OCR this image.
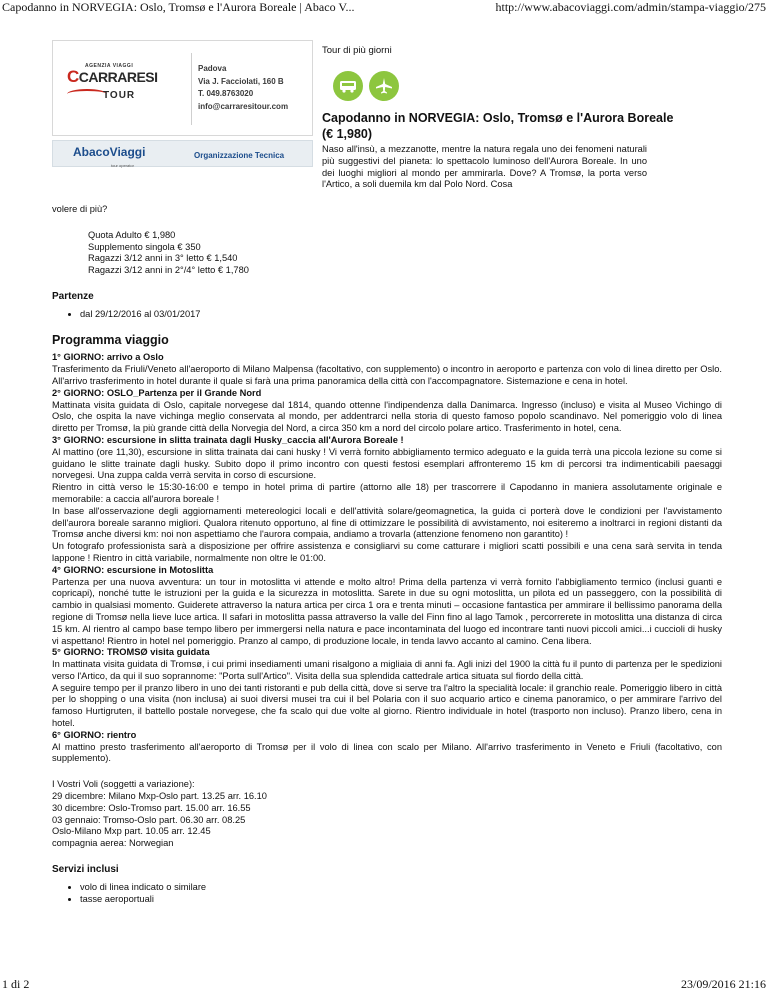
Capodanno in NORVEGIA: Oslo, Tromsø e l'Aurora Boreale | Abaco V...	http://www.abacoviaggi.com/admin/stampa-viaggio/275
AGENZIA VIAGGI
CCARRARESI
TOUR
Padova
Via J. Facciolati, 160 B
T. 049.8763020
info@carraresitour.com
AbacoViaggi
tour operator
Organizzazione Tecnica
Tour di più giorni
Capodanno in NORVEGIA: Oslo, Tromsø e l'Aurora Boreale (€ 1,980)
Naso all'insù, a mezzanotte, mentre la natura regala uno dei fenomeni naturali più suggestivi del pianeta: lo spettacolo luminoso dell'Aurora Boreale. In uno dei luoghi migliori al mondo per ammirarla. Dove? A Tromsø, la porta verso l'Artico, a soli duemila km dal Polo Nord. Cosa
volere di più?
Quota Adulto € 1,980
Supplemento singola € 350
Ragazzi 3/12 anni in 3° letto € 1,540
Ragazzi 3/12 anni in 2°/4° letto € 1,780
Partenze
• dal 29/12/2016 al 03/01/2017
Programma viaggio

1° GIORNO: arrivo a Oslo

Trasferimento da Friuli/Veneto all'aeroporto di Milano Malpensa (facoltativo, con supplemento) o incontro in aeroporto e partenza con volo di linea diretto per Oslo. All'arrivo trasferimento in hotel durante il quale si farà una prima panoramica della città con l'accompagnatore. Sistemazione e cena in hotel.

2° GIORNO: OSLO_Partenza per il Grande Nord

Mattinata visita guidata di Oslo, capitale norvegese dal 1814, quando ottenne l'indipendenza dalla Danimarca. Ingresso (incluso) e visita al Museo Vichingo di Oslo, che ospita la nave vichinga meglio conservata al mondo, per addentrarci nella storia di questo famoso popolo scandinavo. Nel pomeriggio volo di linea diretto per Tromsø, la più grande città della Norvegia del Nord, a circa 350 km a nord del circolo polare artico. Trasferimento in hotel, cena.

3° GIORNO: escursione in slitta trainata dagli Husky_caccia all'Aurora Boreale !

Al mattino (ore 11,30), escursione in slitta trainata dai cani husky ! Vi verrà fornito abbigliamento termico adeguato e la guida terrà una piccola lezione su come si guidano le slitte trainate dagli husky. Subito dopo il primo incontro con questi festosi esemplari affronteremo 15 km di percorsi tra indimenticabili paesaggi norvegesi. Una zuppa calda verrà servita in corso di escursione.
Rientro in città verso le 15:30-16:00 e tempo in hotel prima di partire (attorno alle 18) per trascorrere il Capodanno in maniera assolutamente originale e memorabile: a caccia all'aurora boreale !
In base all'osservazione degli aggiornamenti metereologici locali e dell'attività solare/geomagnetica, la guida ci porterà dove le condizioni per l'avvistamento dell'aurora boreale saranno migliori. Qualora ritenuto opportuno, al fine di ottimizzare le possibilità di avvistamento, noi esiteremo a inoltrarci in regioni distanti da Tromsø anche diversi km: noi non aspettiamo che l'aurora compaia, andiamo a trovarla (attenzione fenomeno non garantito) !
Un fotografo professionista sarà a disposizione per offrire assistenza e consigliarvi su come catturare i migliori scatti possibili e una cena sarà servita in tenda lappone ! Rientro in città variabile, normalmente non oltre le 01:00.

4° GIORNO: escursione in Motoslitta

Partenza per una nuova avventura: un tour in motoslitta vi attende e molto altro! Prima della partenza vi verrà fornito l'abbigliamento termico (inclusi guanti e copricapi), nonché tutte le istruzioni per la guida e la sicurezza in motoslitta. Sarete in due su ogni motoslitta, un pilota ed un passeggero, con la possibilità di cambio in qualsiasi momento. Guiderete attraverso la natura artica per circa 1 ora e trenta minuti – occasione fantastica per ammirare il bellissimo panorama della regione di Tromsø nella lieve luce artica. Il safari in motoslitta passa attraverso la valle del Finn fino al lago Tamok , percorrerete in motoslitta una distanza di circa 15 km. Al rientro al campo base tempo libero per immergersi nella natura e pace incontaminata del luogo ed incontrare tanti nuovi piccoli amici...i cuccioli di husky vi aspettano! Rientro in hotel nel pomeriggio. Pranzo al campo, di produzione locale, in tenda lavvo accanto al camino. Cena libera.

5° GIORNO: TROMSØ visita guidata

In mattinata visita guidata di Tromsø, i cui primi insediamenti umani risalgono a migliaia di anni fa. Agli inizi del 1900 la città fu il punto di partenza per le spedizioni verso l'Artico, da qui il suo soprannome: "Porta sull'Artico". Visita della sua splendida cattedrale artica situata sul fiordo della città.
A seguire tempo per il pranzo libero in uno dei tanti ristoranti e pub della città, dove si serve tra l'altro la specialità locale: il granchio reale. Pomeriggio libero in città per lo shopping o una visita (non inclusa) ai suoi diversi musei tra cui il bel Polaria con il suo acquario artico e cinema panoramico, o per ammirare l'arrivo del famoso Hurtigruten, il battello postale norvegese, che fa scalo qui due volte al giorno. Rientro individuale in hotel (trasporto non incluso). Pranzo libero, cena in hotel.

6° GIORNO: rientro

Al mattino presto trasferimento all'aeroporto di Tromsø per il volo di linea con scalo per Milano. All'arrivo trasferimento in Veneto e Friuli (facoltativo, con supplemento).

I Vostri Voli (soggetti a variazione):
29 dicembre: Milano Mxp-Oslo part. 13.25 arr. 16.10
30 dicembre: Oslo-Tromso part. 15.00 arr. 16.55
03 gennaio: Tromso-Oslo part. 06.30 arr. 08.25
Oslo-Milano Mxp part. 10.05 arr. 12.45
compagnia aerea: Norwegian
Servizi inclusi
• volo di linea indicato o similare
• tasse aeroportuali
1 di 2	23/09/2016 21:16
